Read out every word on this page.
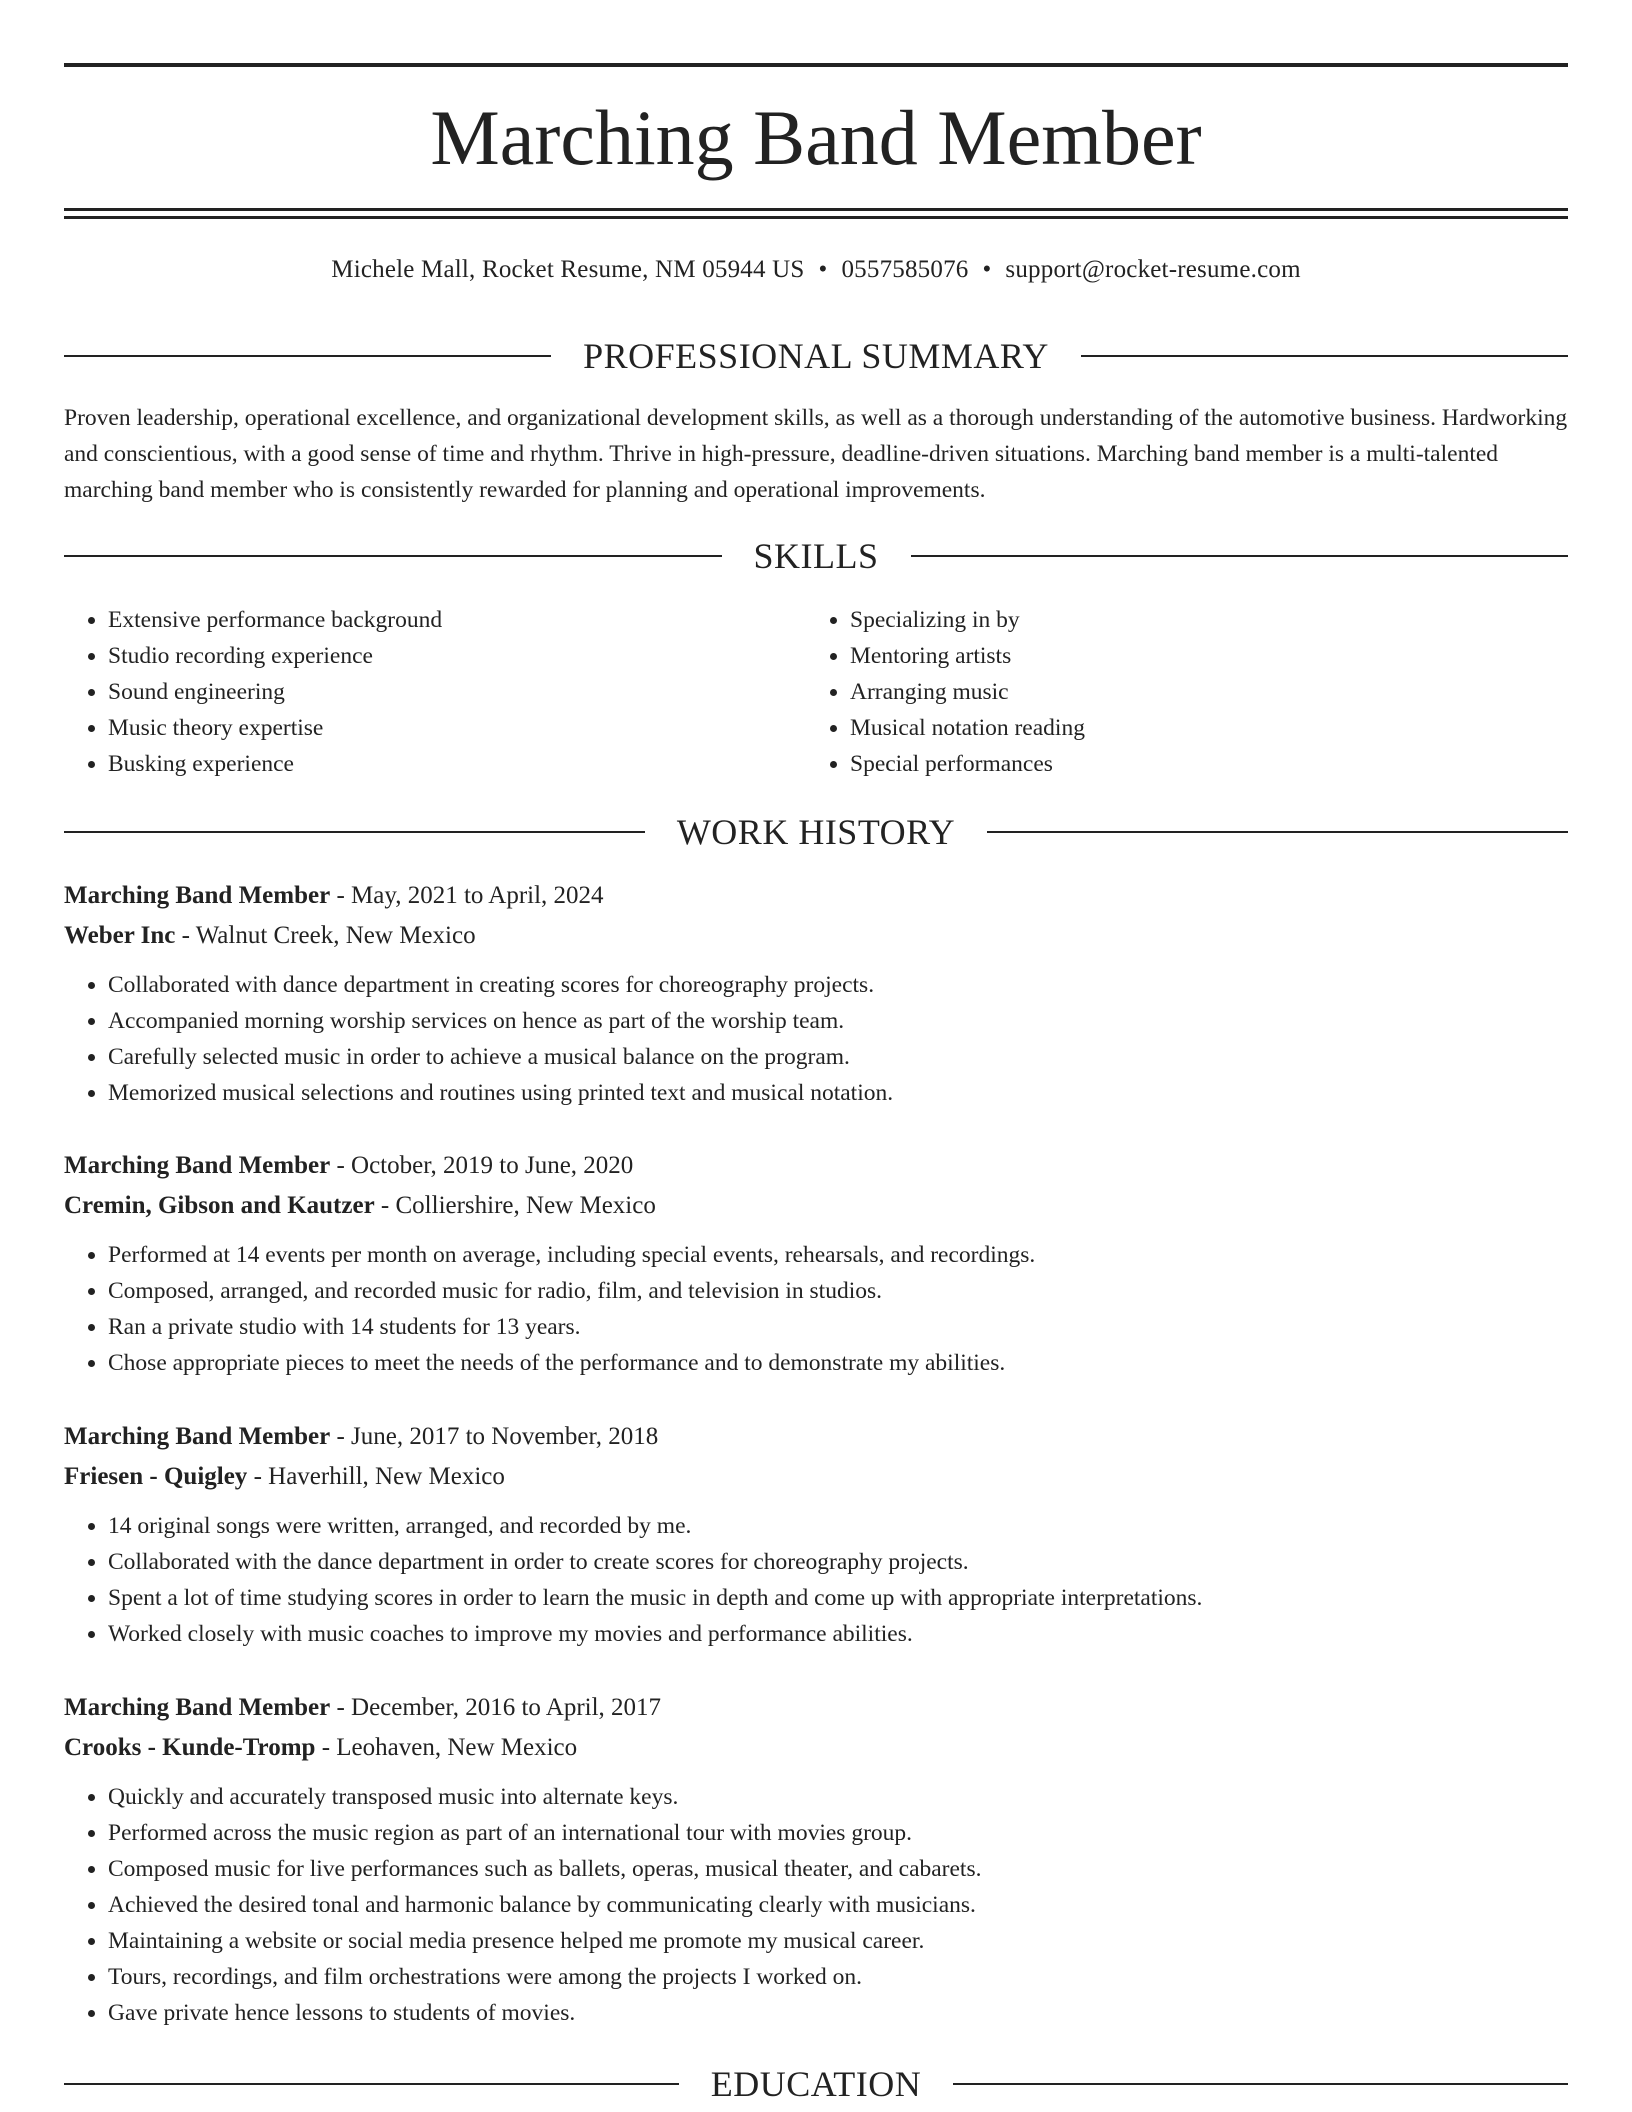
Marching Band Member
Michele Mall, Rocket Resume, NM 05944 US • 0557585076 • support@rocket-resume.com
PROFESSIONAL SUMMARY

Proven leadership, operational excellence, and organizational development skills, as well as a thorough understanding of the automotive business. Hardworking and conscientious, with a good sense of time and rhythm. Thrive in high-pressure, deadline-driven situations. Marching band member is a multi-talented marching band member who is consistently rewarded for planning and operational improvements.

SKILLS
• Extensive performance background
• Studio recording experience
• Sound engineering
• Music theory expertise
• Busking experience
• Specializing in by
• Mentoring artists
• Arranging music
• Musical notation reading
• Special performances
WORK HISTORY
Marching Band Member - May, 2021 to April, 2024
Weber Inc - Walnut Creek, New Mexico
• Collaborated with dance department in creating scores for choreography projects.
• Accompanied morning worship services on hence as part of the worship team.
• Carefully selected music in order to achieve a musical balance on the program.
• Memorized musical selections and routines using printed text and musical notation.
Marching Band Member - October, 2019 to June, 2020
Cremin, Gibson and Kautzer - Colliershire, New Mexico
• Performed at 14 events per month on average, including special events, rehearsals, and recordings.
• Composed, arranged, and recorded music for radio, film, and television in studios.
• Ran a private studio with 14 students for 13 years.
• Chose appropriate pieces to meet the needs of the performance and to demonstrate my abilities.
Marching Band Member - June, 2017 to November, 2018
Friesen - Quigley - Haverhill, New Mexico
• 14 original songs were written, arranged, and recorded by me.
• Collaborated with the dance department in order to create scores for choreography projects.
• Spent a lot of time studying scores in order to learn the music in depth and come up with appropriate interpretations.
• Worked closely with music coaches to improve my movies and performance abilities.
Marching Band Member - December, 2016 to April, 2017
Crooks - Kunde-Tromp - Leohaven, New Mexico
• Quickly and accurately transposed music into alternate keys.
• Performed across the music region as part of an international tour with movies group.
• Composed music for live performances such as ballets, operas, musical theater, and cabarets.
• Achieved the desired tonal and harmonic balance by communicating clearly with musicians.
• Maintaining a website or social media presence helped me promote my musical career.
• Tours, recordings, and film orchestrations were among the projects I worked on.
• Gave private hence lessons to students of movies.
EDUCATION
